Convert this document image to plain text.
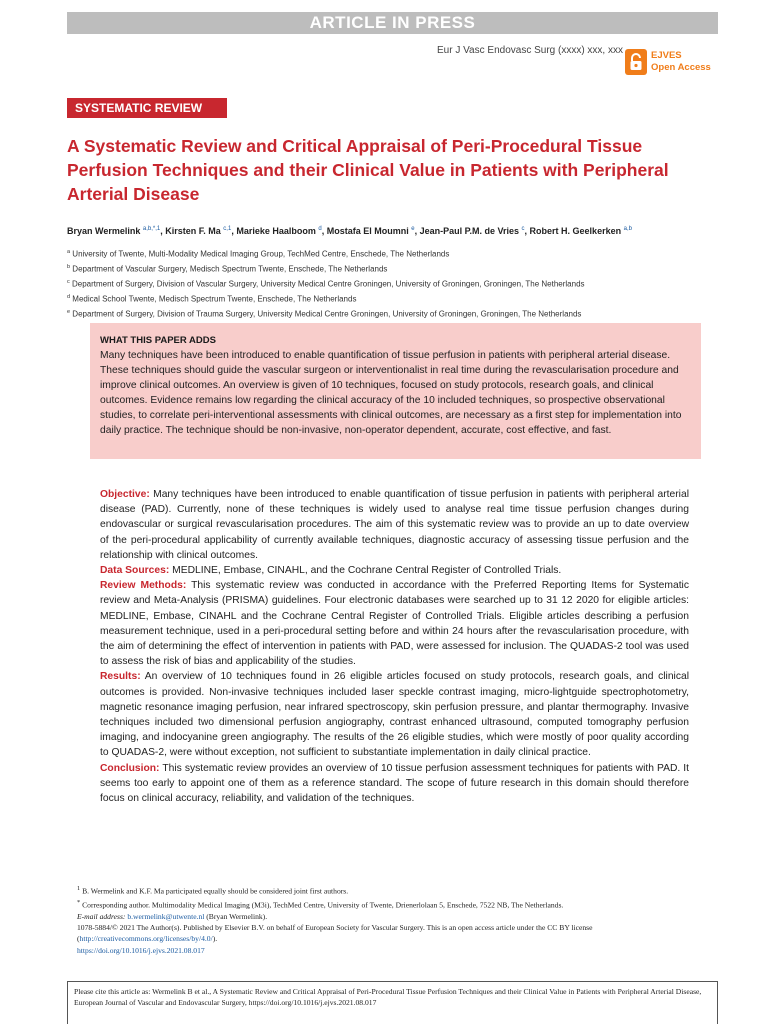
ARTICLE IN PRESS
Eur J Vasc Endovasc Surg (xxxx) xxx, xxx	EJVES
Open Access
SYSTEMATIC REVIEW
A Systematic Review and Critical Appraisal of Peri-Procedural Tissue Perfusion Techniques and their Clinical Value in Patients with Peripheral Arterial Disease
Bryan Wermelink $^{a,b,*,1}$, Kirsten F. Ma $^{c,1}$, Marieke Haalboom $^d$, Mostafa El Moumni $^e$, Jean-Paul P.M. de Vries $^c$, Robert H. Geelkerken $^{a,b}$
$^a$ University of Twente, Multi-Modality Medical Imaging Group, TechMed Centre, Enschede, The Netherlands
$^b$ Department of Vascular Surgery, Medisch Spectrum Twente, Enschede, The Netherlands
$^c$ Department of Surgery, Division of Vascular Surgery, University Medical Centre Groningen, University of Groningen, Groningen, The Netherlands
$^d$ Medical School Twente, Medisch Spectrum Twente, Enschede, The Netherlands
$^e$ Department of Surgery, Division of Trauma Surgery, University Medical Centre Groningen, University of Groningen, Groningen, The Netherlands

WHAT THIS PAPER ADDS

Many techniques have been introduced to enable quantification of tissue perfusion in patients with peripheral arterial disease. These techniques should guide the vascular surgeon or interventionalist in real time during the revascularisation procedure and improve clinical outcomes. An overview is given of 10 techniques, focused on study protocols, research goals, and clinical outcomes. Evidence remains low regarding the clinical accuracy of the 10 included techniques, so prospective observational studies, to correlate peri-interventional assessments with clinical outcomes, are necessary as a first step for implementation into daily practice. The technique should be non-invasive, non-operator dependent, accurate, cost effective, and fast.

Objective: Many techniques have been introduced to enable quantification of tissue perfusion in patients with peripheral arterial disease (PAD). Currently, none of these techniques is widely used to analyse real time tissue perfusion changes during endovascular or surgical revascularisation procedures. The aim of this systematic review was to provide an up to date overview of the peri-procedural applicability of currently available techniques, diagnostic accuracy of assessing tissue perfusion and the relationship with clinical outcomes.

Data Sources: MEDLINE, Embase, CINAHL, and the Cochrane Central Register of Controlled Trials.

Review Methods: This systematic review was conducted in accordance with the Preferred Reporting Items for Systematic review and Meta-Analysis (PRISMA) guidelines. Four electronic databases were searched up to 31 12 2020 for eligible articles: MEDLINE, Embase, CINAHL and the Cochrane Central Register of Controlled Trials. Eligible articles describing a perfusion measurement technique, used in a peri-procedural setting before and within 24 hours after the revascularisation procedure, with the aim of determining the effect of intervention in patients with PAD, were assessed for inclusion. The QUADAS-2 tool was used to assess the risk of bias and applicability of the studies.

Results: An overview of 10 techniques found in 26 eligible articles focused on study protocols, research goals, and clinical outcomes is provided. Non-invasive techniques included laser speckle contrast imaging, micro-lightguide spectrophotometry, magnetic resonance imaging perfusion, near infrared spectroscopy, skin perfusion pressure, and plantar thermography. Invasive techniques included two dimensional perfusion angiography, contrast enhanced ultrasound, computed tomography perfusion imaging, and indocyanine green angiography. The results of the 26 eligible studies, which were mostly of poor quality according to QUADAS-2, were without exception, not sufficient to substantiate implementation in daily clinical practice.

Conclusion: This systematic review provides an overview of 10 tissue perfusion assessment techniques for patients with PAD. It seems too early to appoint one of them as a reference standard. The scope of future research in this domain should therefore focus on clinical accuracy, reliability, and validation of the techniques.

$^1$ B. Wermelink and K.F. Ma participated equally should be considered joint first authors.

* Corresponding author. Multimodality Medical Imaging (M3i), TechMed Centre, University of Twente, Drienerlolaan 5, Enschede, 7522 NB, The Netherlands.

E-mail address: b.wermelink@utwente.nl (Bryan Wermelink).

1078-5884/© 2021 The Author(s). Published by Elsevier B.V. on behalf of European Society for Vascular Surgery. This is an open access article under the CC BY license
(http://creativecommons.org/licenses/by/4.0/).
https://doi.org/10.1016/j.ejvs.2021.08.017

Please cite this article as: Wermelink B et al., A Systematic Review and Critical Appraisal of Peri-Procedural Tissue Perfusion Techniques and their Clinical Value in Patients with Peripheral Arterial Disease, European Journal of Vascular and Endovascular Surgery, https://doi.org/10.1016/j.ejvs.2021.08.017
